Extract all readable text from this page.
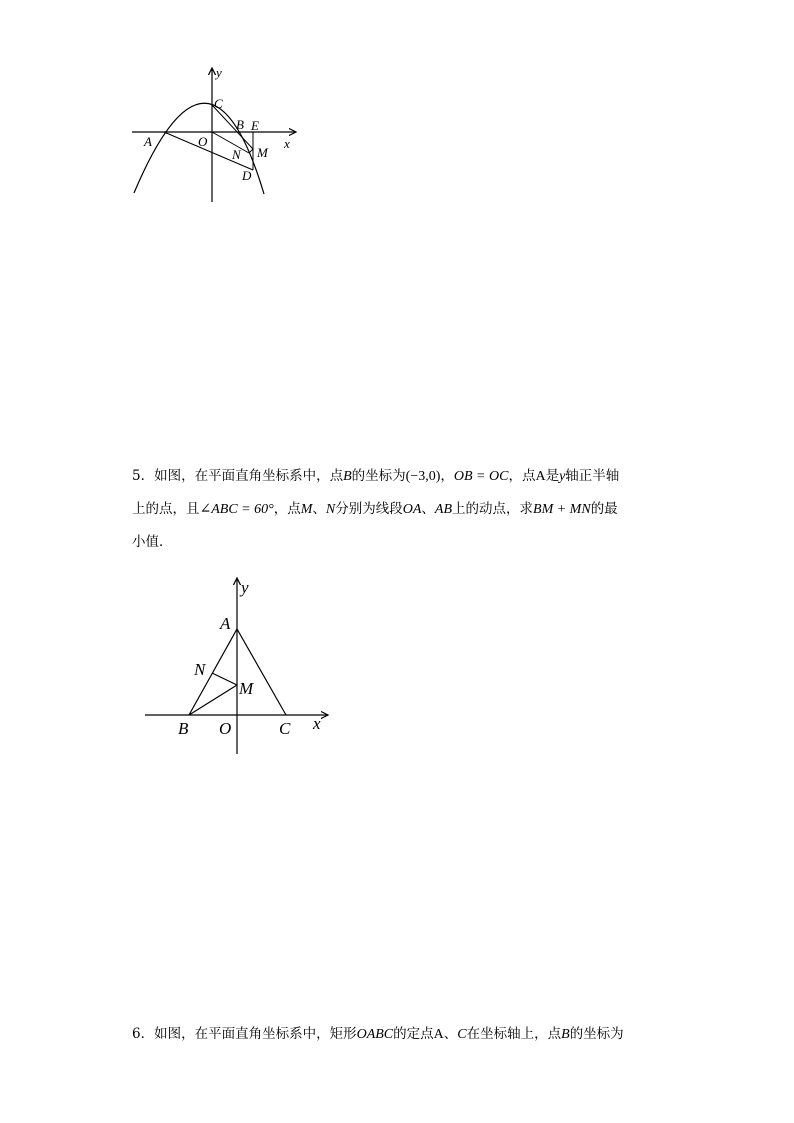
y
x
C
B E
A	O
N M
D
5．如图，在平面直角坐标系中，点B的坐标为(−3,0)，OB = OC，点A是y轴正半轴
上的点，且∠ABC = 60°，点M、N分别为线段OA、AB上的动点，求BM + MN的最
小值．
y
A
N
M
B O	C x
6．如图，在平面直角坐标系中，矩形OABC的定点A、C在坐标轴上，点B的坐标为
